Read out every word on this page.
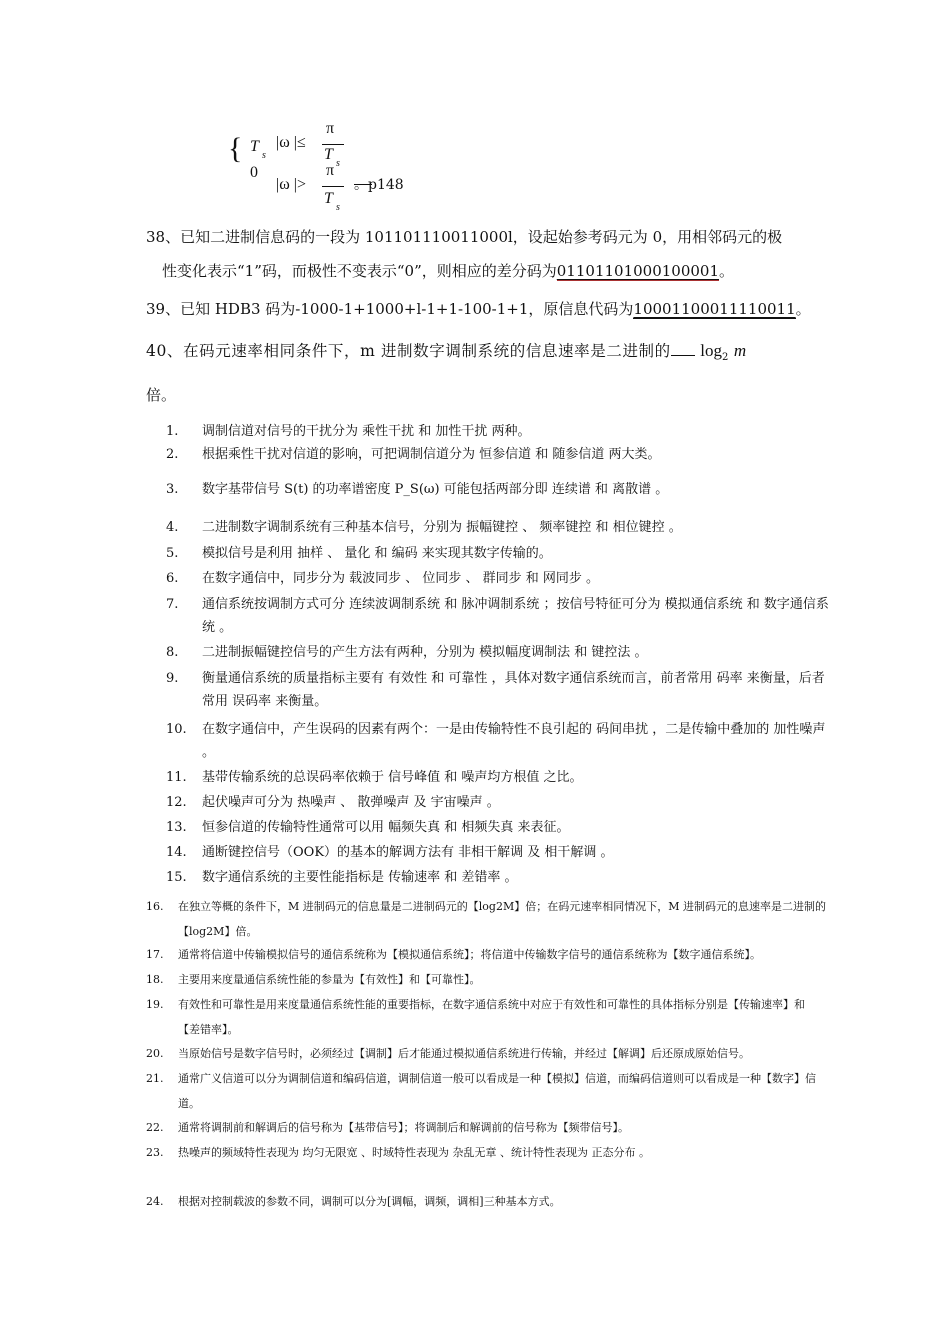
{ T
s
0
|ω |≤
π
T
s
|ω |>
π
T
s
。p148
38、已知二进制信息码的一段为 101101110011000l，设起始参考码元为 0，用相邻码元的极
性变化表示“1”码，而极性不变表示“0”，则相应的差分码为01101101000100001。
39、已知 HDB3 码为-1000-1+1000+l-1+1-100-1+1，原信息代码为10001100011110011。
40、在码元速率相同条件下，m 进制数字调制系统的信息速率是二进制的 $\log_2 m$
倍。
1.	调制信道对信号的干扰分为 乘性干扰 和 加性干扰 两种。
2.	根据乘性干扰对信道的影响，可把调制信道分为 恒参信道 和 随参信道 两大类。
3.	数字基带信号 S(t) 的功率谱密度 P_S(ω) 可能包括两部分即 连续谱 和 离散谱 。
4.	二进制数字调制系统有三种基本信号，分别为 振幅键控 、 频率键控 和 相位键控 。
5.	模拟信号是利用 抽样 、 量化 和 编码 来实现其数字传输的。
6.	在数字通信中，同步分为 载波同步 、 位同步 、 群同步 和 网同步 。
7.	通信系统按调制方式可分 连续波调制系统 和 脉冲调制系统 ；按信号特征可分为 模拟通信系统 和 数字通信系统 。
8.	二进制振幅键控信号的产生方法有两种，分别为 模拟幅度调制法 和 键控法 。
9.	衡量通信系统的质量指标主要有 有效性 和 可靠性 ，具体对数字通信系统而言，前者常用 码率 来衡量，后者常用 误码率 来衡量。
10.	在数字通信中，产生误码的因素有两个：一是由传输特性不良引起的 码间串扰 ，二是传输中叠加的 加性噪声 。
11.	基带传输系统的总误码率依赖于 信号峰值 和 噪声均方根值 之比。
12.	起伏噪声可分为 热噪声 、 散弹噪声 及 宇宙噪声 。
13.	恒参信道的传输特性通常可以用 幅频失真 和 相频失真 来表征。
14.	通断键控信号（OOK）的基本的解调方法有 非相干解调 及 相干解调 。
15.	数字通信系统的主要性能指标是 传输速率 和 差错率 。
16. 在独立等概的条件下，M 进制码元的信息量是二进制码元的【log2M】倍；在码元速率相同情况下，M 进制码元的息速率是二进制的【log2M】倍。
17. 通常将信道中传输模拟信号的通信系统称为【模拟通信系统】；将信道中传输数字信号的通信系统称为【数字通信系统】。
18. 主要用来度量通信系统性能的参量为【有效性】和【可靠性】。
19. 有效性和可靠性是用来度量通信系统性能的重要指标，在数字通信系统中对应于有效性和可靠性的具体指标分别是【传输速率】和 【差错率】。
20. 当原始信号是数字信号时，必须经过【调制】后才能通过模拟通信系统进行传输，并经过【解调】后还原成原始信号。
21. 通常广义信道可以分为调制信道和编码信道，调制信道一般可以看成是一种【模拟】信道，而编码信道则可以看成是一种【数字】信道。
22. 通常将调制前和解调后的信号称为【基带信号】；将调制后和解调前的信号称为【频带信号】。
23. 热噪声的频域特性表现为 均匀无限宽 、时域特性表现为 杂乱无章 、统计特性表现为 正态分布 。
24. 根据对控制载波的参数不同，调制可以分为[调幅，调频，调相]三种基本方式。
